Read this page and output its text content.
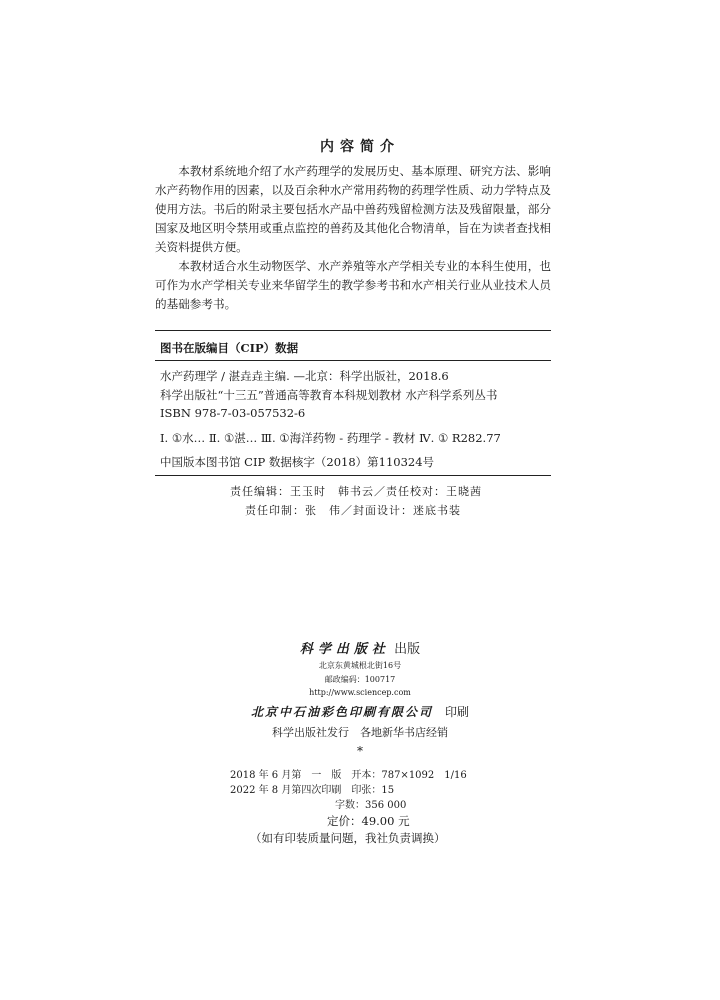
内容简介

本教材系统地介绍了水产药理学的发展历史、基本原理、研究方法、影响水产药物作用的因素，以及百余种水产常用药物的药理学性质、动力学特点及使用方法。书后的附录主要包括水产品中兽药残留检测方法及残留限量，部分国家及地区明令禁用或重点监控的兽药及其他化合物清单，旨在为读者查找相关资料提供方便。

本教材适合水生动物医学、水产养殖等水产学相关专业的本科生使用，也可作为水产学相关专业来华留学生的教学参考书和水产相关行业从业技术人员的基础参考书。

图书在版编目（CIP）数据
水产药理学 / 湛垚垚主编. —北京：科学出版社，2018.6
科学出版社“十三五”普通高等教育本科规划教材 水产科学系列丛书
ISBN 978-7-03-057532-6
Ⅰ. ①水… Ⅱ. ①湛… Ⅲ. ①海洋药物 - 药理学 - 教材 Ⅳ. ① R282.77
中国版本图书馆 CIP 数据核字（2018）第110324号
责任编辑：王玉时　韩书云／责任校对：王晓茜
责任印制：张　伟／封面设计：迷底书装
科学出版社 出版
北京东黄城根北街16号
邮政编码：100717
http://www.sciencep.com
北京中石油彩色印刷有限公司　印刷
科学出版社发行　各地新华书店经销
*
2018 年 6 月第　一　版　开本：787×1092　1/16
2022 年 8 月第四次印刷　印张：15
字数：356 000
定价：49.00 元
（如有印装质量问题，我社负责调换）
